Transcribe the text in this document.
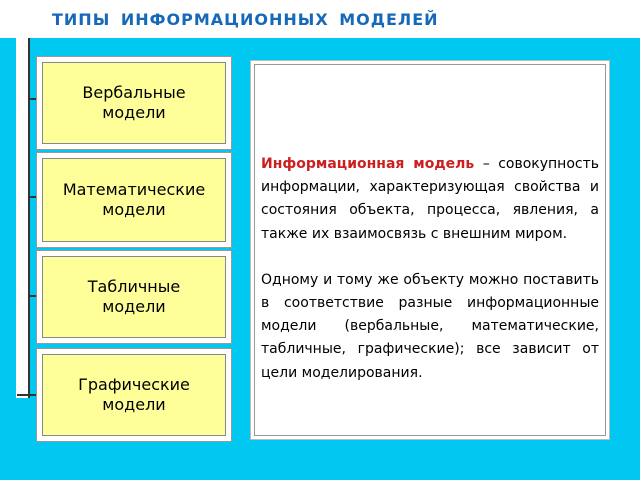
ТИПЫ ИНФОРМАЦИОННЫХ МОДЕЛЕЙ
Вербальные
модели
Математические
модели
Табличные
модели
Графические
модели

Информационная модель – совокупность информации, характеризующая свойства и состояния объекта, процесса, явления, а также их взаимосвязь с внешним миром.

Одному и тому же объекту можно поставить в соответствие разные информационные модели (вербальные, математические, табличные, графические); все зависит от цели моделирования.
